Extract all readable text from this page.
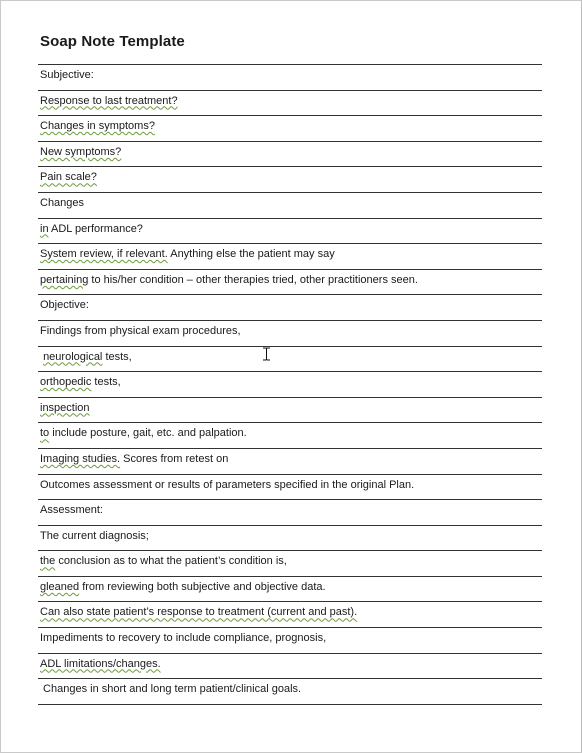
Soap Note Template
Subjective:
Response to last treatment?
Changes in symptoms?
New symptoms?
Pain scale?
Changes
in ADL performance?
System review, if relevant. Anything else the patient may say
pertaining to his/her condition – other therapies tried, other practitioners seen.
Objective:
Findings from physical exam procedures,
neurological tests,
orthopedic tests,
inspection
to include posture, gait, etc. and palpation.
Imaging studies. Scores from retest on
Outcomes assessment or results of parameters specified in the original Plan.
Assessment:
The current diagnosis;
the conclusion as to what the patient’s condition is,
gleaned from reviewing both subjective and objective data.
Can also state patient’s response to treatment (current and past).
Impediments to recovery to include compliance, prognosis,
ADL limitations/changes.
Changes in short and long term patient/clinical goals.
